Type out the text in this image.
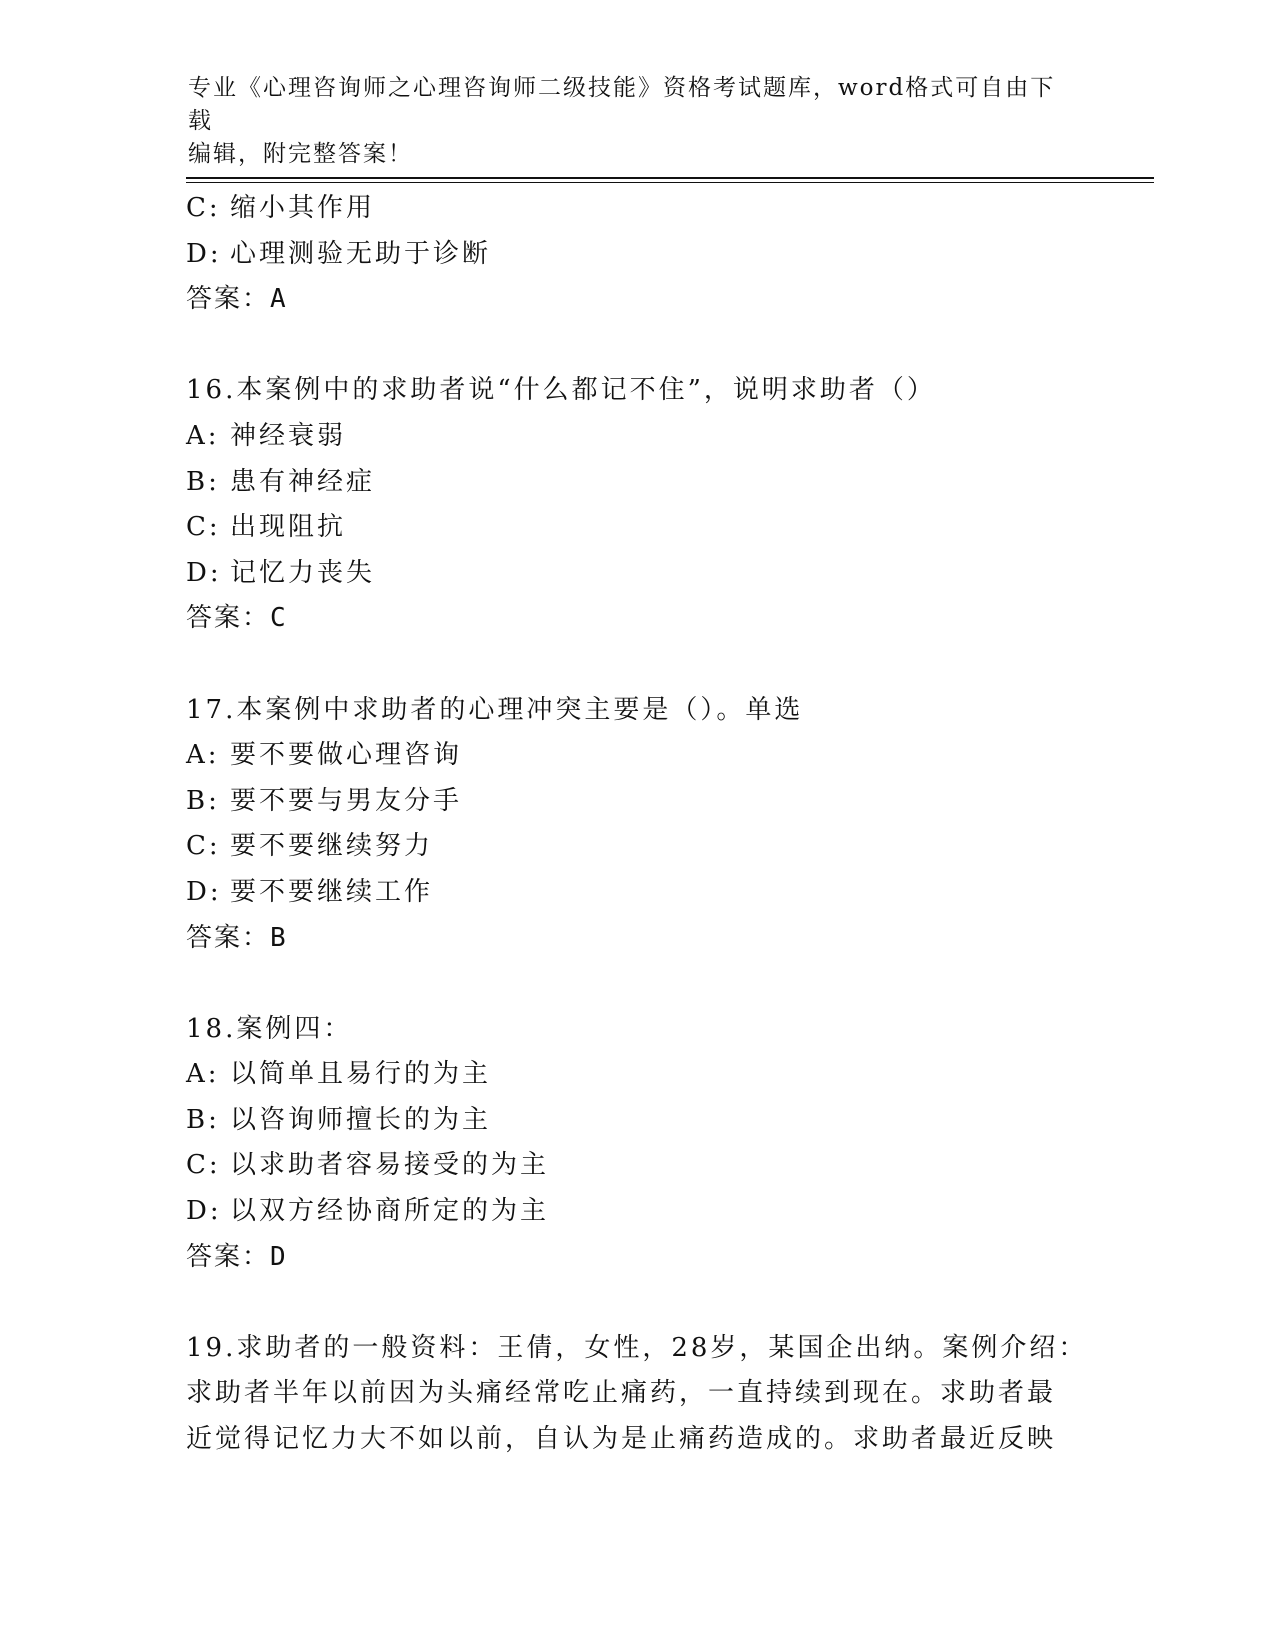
专业《心理咨询师之心理咨询师二级技能》资格考试题库，word格式可自由下载
编辑，附完整答案！
C: 缩小其作用
D: 心理测验无助于诊断
答案：A
16.本案例中的求助者说“什么都记不住”，说明求助者（）
A: 神经衰弱
B: 患有神经症
C: 出现阻抗
D: 记忆力丧失
答案：C
17.本案例中求助者的心理冲突主要是（）。单选
A: 要不要做心理咨询
B: 要不要与男友分手
C: 要不要继续努力
D: 要不要继续工作
答案：B
18.案例四：
A: 以简单且易行的为主
B: 以咨询师擅长的为主
C: 以求助者容易接受的为主
D: 以双方经协商所定的为主
答案：D
19.求助者的一般资料：王倩，女性，28岁，某国企出纳。案例介绍：
求助者半年以前因为头痛经常吃止痛药，一直持续到现在。求助者最
近觉得记忆力大不如以前，自认为是止痛药造成的。求助者最近反映
